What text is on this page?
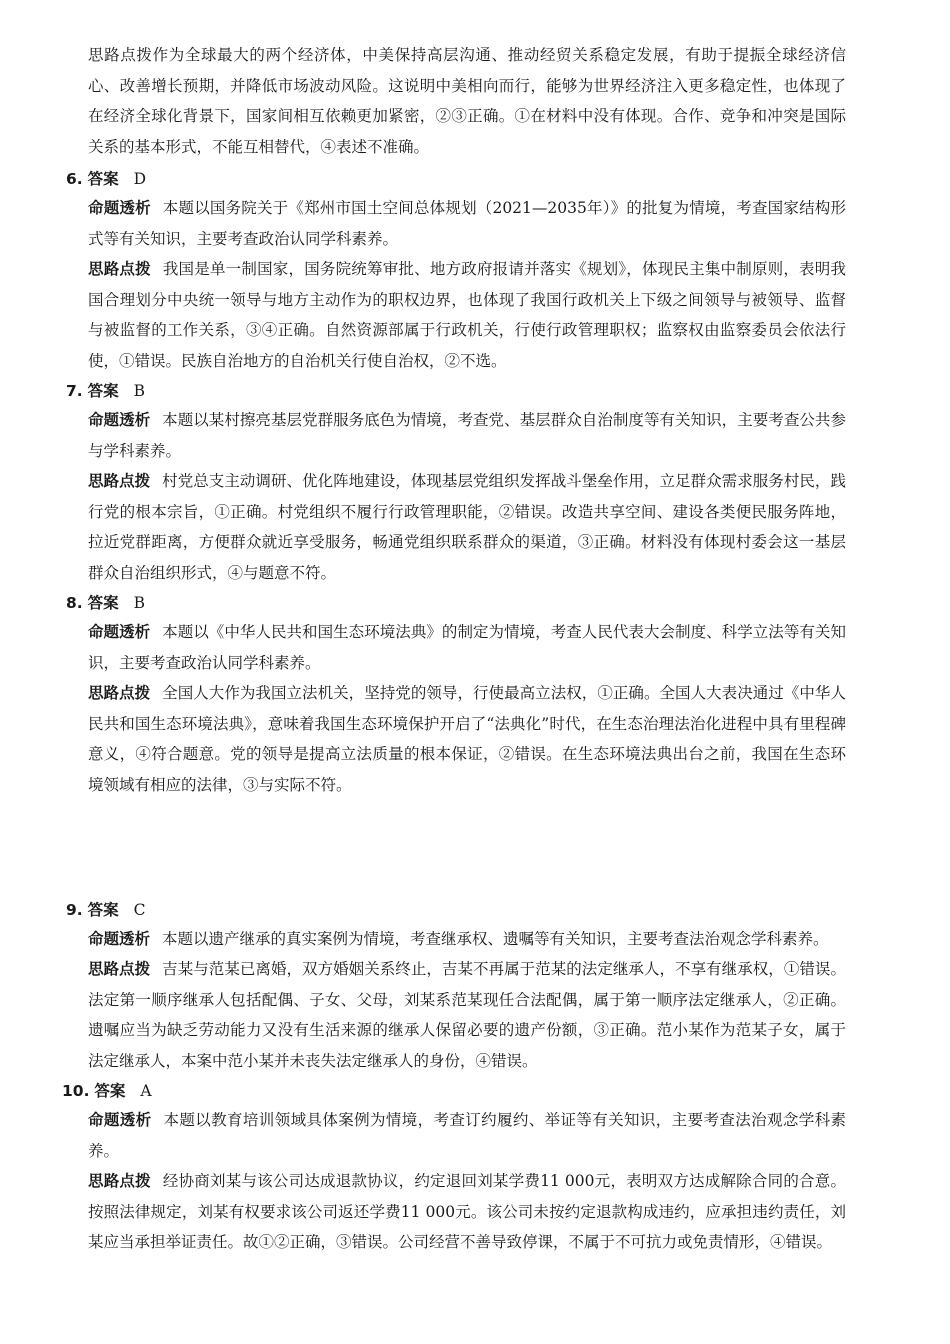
思路点拨作为全球最大的两个经济体，中美保持高层沟通、推动经贸关系稳定发展，有助于提振全球经济信心、改善增长预期，并降低市场波动风险。这说明中美相向而行，能够为世界经济注入更多稳定性，也体现了在经济全球化背景下，国家间相互依赖更加紧密，②③正确。①在材料中没有体现。合作、竞争和冲突是国际关系的基本形式，不能互相替代，④表述不准确。
6. 答案 D
命题透析 本题以国务院关于《郑州市国土空间总体规划（2021—2035年）》的批复为情境，考查国家结构形式等有关知识，主要考查政治认同学科素养。
思路点拨 我国是单一制国家，国务院统筹审批、地方政府报请并落实《规划》，体现民主集中制原则，表明我国合理划分中央统一领导与地方主动作为的职权边界，也体现了我国行政机关上下级之间领导与被领导、监督与被监督的工作关系，③④正确。自然资源部属于行政机关，行使行政管理职权；监察权由监察委员会依法行使，①错误。民族自治地方的自治机关行使自治权，②不选。
7. 答案 B
命题透析 本题以某村擦亮基层党群服务底色为情境，考查党、基层群众自治制度等有关知识，主要考查公共参与学科素养。
思路点拨 村党总支主动调研、优化阵地建设，体现基层党组织发挥战斗堡垒作用，立足群众需求服务村民，践行党的根本宗旨，①正确。村党组织不履行行政管理职能，②错误。改造共享空间、建设各类便民服务阵地，拉近党群距离，方便群众就近享受服务，畅通党组织联系群众的渠道，③正确。材料没有体现村委会这一基层群众自治组织形式，④与题意不符。
8. 答案 B
命题透析 本题以《中华人民共和国生态环境法典》的制定为情境，考查人民代表大会制度、科学立法等有关知识，主要考查政治认同学科素养。
思路点拨 全国人大作为我国立法机关，坚持党的领导，行使最高立法权，①正确。全国人大表决通过《中华人民共和国生态环境法典》，意味着我国生态环境保护开启了“法典化”时代，在生态治理法治化进程中具有里程碑意义，④符合题意。党的领导是提高立法质量的根本保证，②错误。在生态环境法典出台之前，我国在生态环境领域有相应的法律，③与实际不符。
9. 答案 C
命题透析 本题以遗产继承的真实案例为情境，考查继承权、遗嘱等有关知识，主要考查法治观念学科素养。
思路点拨 吉某与范某已离婚，双方婚姻关系终止，吉某不再属于范某的法定继承人，不享有继承权，①错误。法定第一顺序继承人包括配偶、子女、父母，刘某系范某现任合法配偶，属于第一顺序法定继承人，②正确。遗嘱应当为缺乏劳动能力又没有生活来源的继承人保留必要的遗产份额，③正确。范小某作为范某子女，属于法定继承人，本案中范小某并未丧失法定继承人的身份，④错误。
10. 答案 A
命题透析 本题以教育培训领域具体案例为情境，考查订约履约、举证等有关知识，主要考查法治观念学科素养。
思路点拨 经协商刘某与该公司达成退款协议，约定退回刘某学费11 000元，表明双方达成解除合同的合意。按照法律规定，刘某有权要求该公司返还学费11 000元。该公司未按约定退款构成违约，应承担违约责任，刘某应当承担举证责任。故①②正确，③错误。公司经营不善导致停课，不属于不可抗力或免责情形，④错误。
